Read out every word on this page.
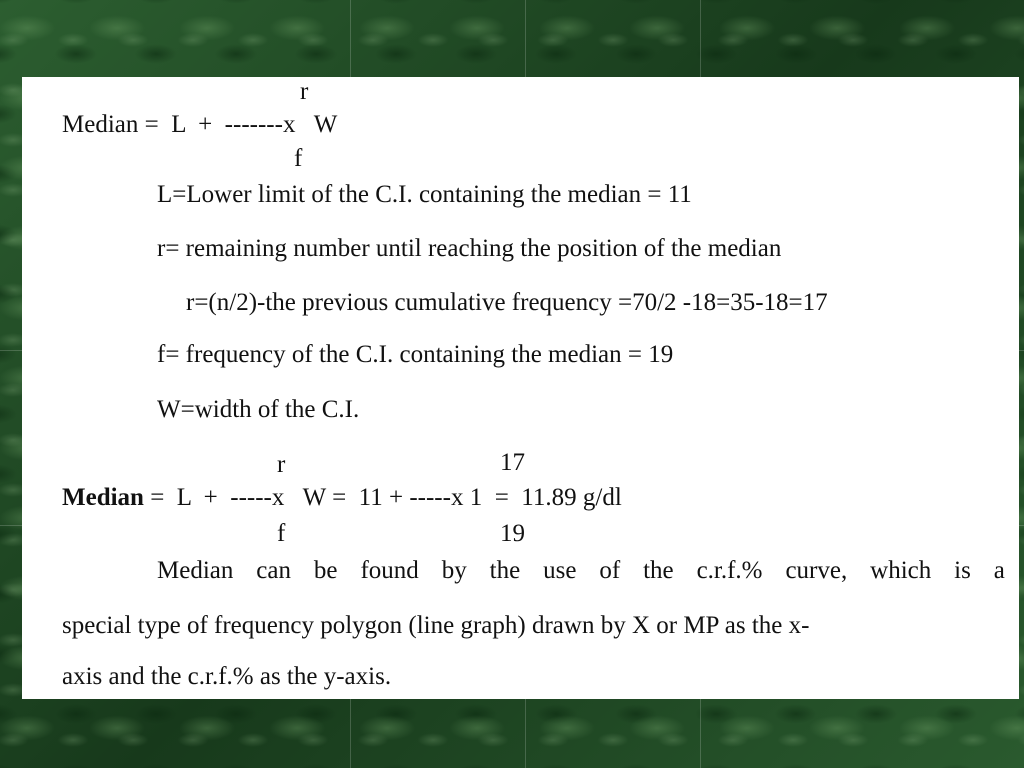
r
Median =  L  +  -------x   W
f
L=Lower limit of the C.I. containing the median = 11
r= remaining number until reaching the position of the median
r=(n/2)-the previous cumulative frequency =70/2 -18=35-18=17
f= frequency of the C.I. containing the median = 19
W=width of the C.I.
r	17
Median =  L  +  -----x   W =  11 + -----x 1  =  11.89 g/dl
f	19
Median can be found by the use of the c.r.f.% curve, which is a
special type of frequency polygon (line graph) drawn by X or MP as the x-
axis and the c.r.f.% as the y-axis.
